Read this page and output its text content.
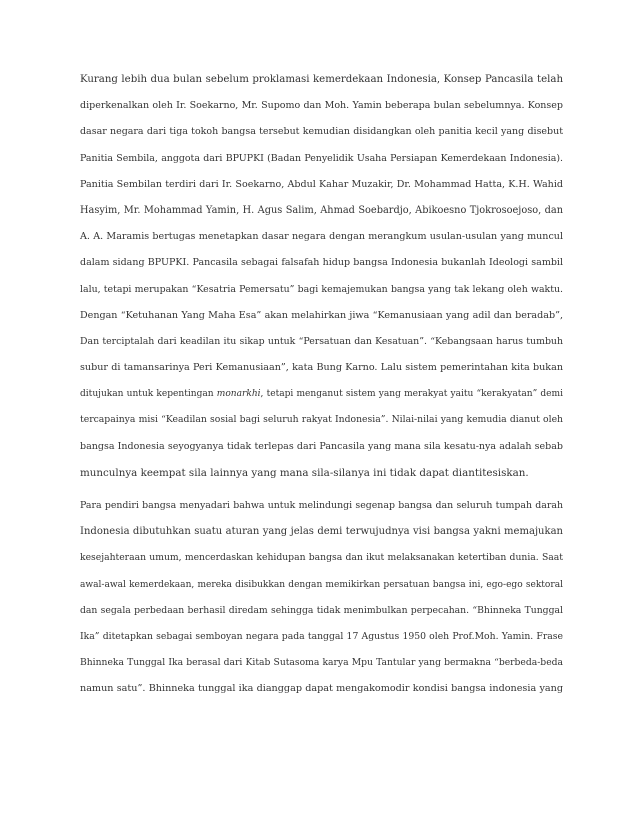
Kurang lebih dua bulan sebelum proklamasi kemerdekaan Indonesia, Konsep Pancasila telah
diperkenalkan oleh Ir. Soekarno, Mr. Supomo dan Moh. Yamin beberapa bulan sebelumnya. Konsep
dasar negara dari tiga tokoh bangsa tersebut kemudian disidangkan oleh panitia kecil yang disebut
Panitia Sembila, anggota dari BPUPKI (Badan Penyelidik Usaha Persiapan Kemerdekaan Indonesia).
Panitia Sembilan terdiri dari Ir. Soekarno, Abdul Kahar Muzakir, Dr. Mohammad Hatta, K.H. Wahid
Hasyim, Mr. Mohammad Yamin, H. Agus Salim, Ahmad Soebardjo, Abikoesno Tjokrosoejoso, dan
A. A. Maramis bertugas menetapkan dasar negara dengan merangkum usulan-usulan yang muncul
dalam sidang BPUPKI. Pancasila sebagai falsafah hidup bangsa Indonesia bukanlah Ideologi sambil
lalu, tetapi merupakan “Kesatria Pemersatu” bagi kemajemukan bangsa yang tak lekang oleh waktu.
Dengan “Ketuhanan Yang Maha Esa” akan melahirkan jiwa “Kemanusiaan yang adil dan beradab”,
Dan terciptalah dari keadilan itu sikap untuk “Persatuan dan Kesatuan”. “Kebangsaan harus tumbuh
subur di tamansarinya Peri Kemanusiaan”, kata Bung Karno. Lalu sistem pemerintahan kita bukan
ditujukan untuk kepentingan monarkhi, tetapi menganut sistem yang merakyat yaitu “kerakyatan” demi
tercapainya misi “Keadilan sosial bagi seluruh rakyat Indonesia”. Nilai-nilai yang kemudia dianut oleh
bangsa Indonesia seyogyanya tidak terlepas dari Pancasila yang mana sila kesatu-nya adalah sebab
munculnya keempat sila lainnya yang mana sila-silanya ini tidak dapat diantitesiskan.
Para pendiri bangsa menyadari bahwa untuk melindungi segenap bangsa dan seluruh tumpah darah
Indonesia dibutuhkan suatu aturan yang jelas demi terwujudnya visi bangsa yakni memajukan
kesejahteraan umum, mencerdaskan kehidupan bangsa dan ikut melaksanakan ketertiban dunia. Saat
awal-awal kemerdekaan, mereka disibukkan dengan memikirkan persatuan bangsa ini, ego-ego sektoral
dan segala perbedaan berhasil diredam sehingga tidak menimbulkan perpecahan. “Bhinneka Tunggal
Ika” ditetapkan sebagai semboyan negara pada tanggal 17 Agustus 1950 oleh Prof.Moh. Yamin. Frase
Bhinneka Tunggal Ika berasal dari Kitab Sutasoma karya Mpu Tantular yang bermakna “berbeda-beda
namun satu”. Bhinneka tunggal ika dianggap dapat mengakomodir kondisi bangsa indonesia yang
